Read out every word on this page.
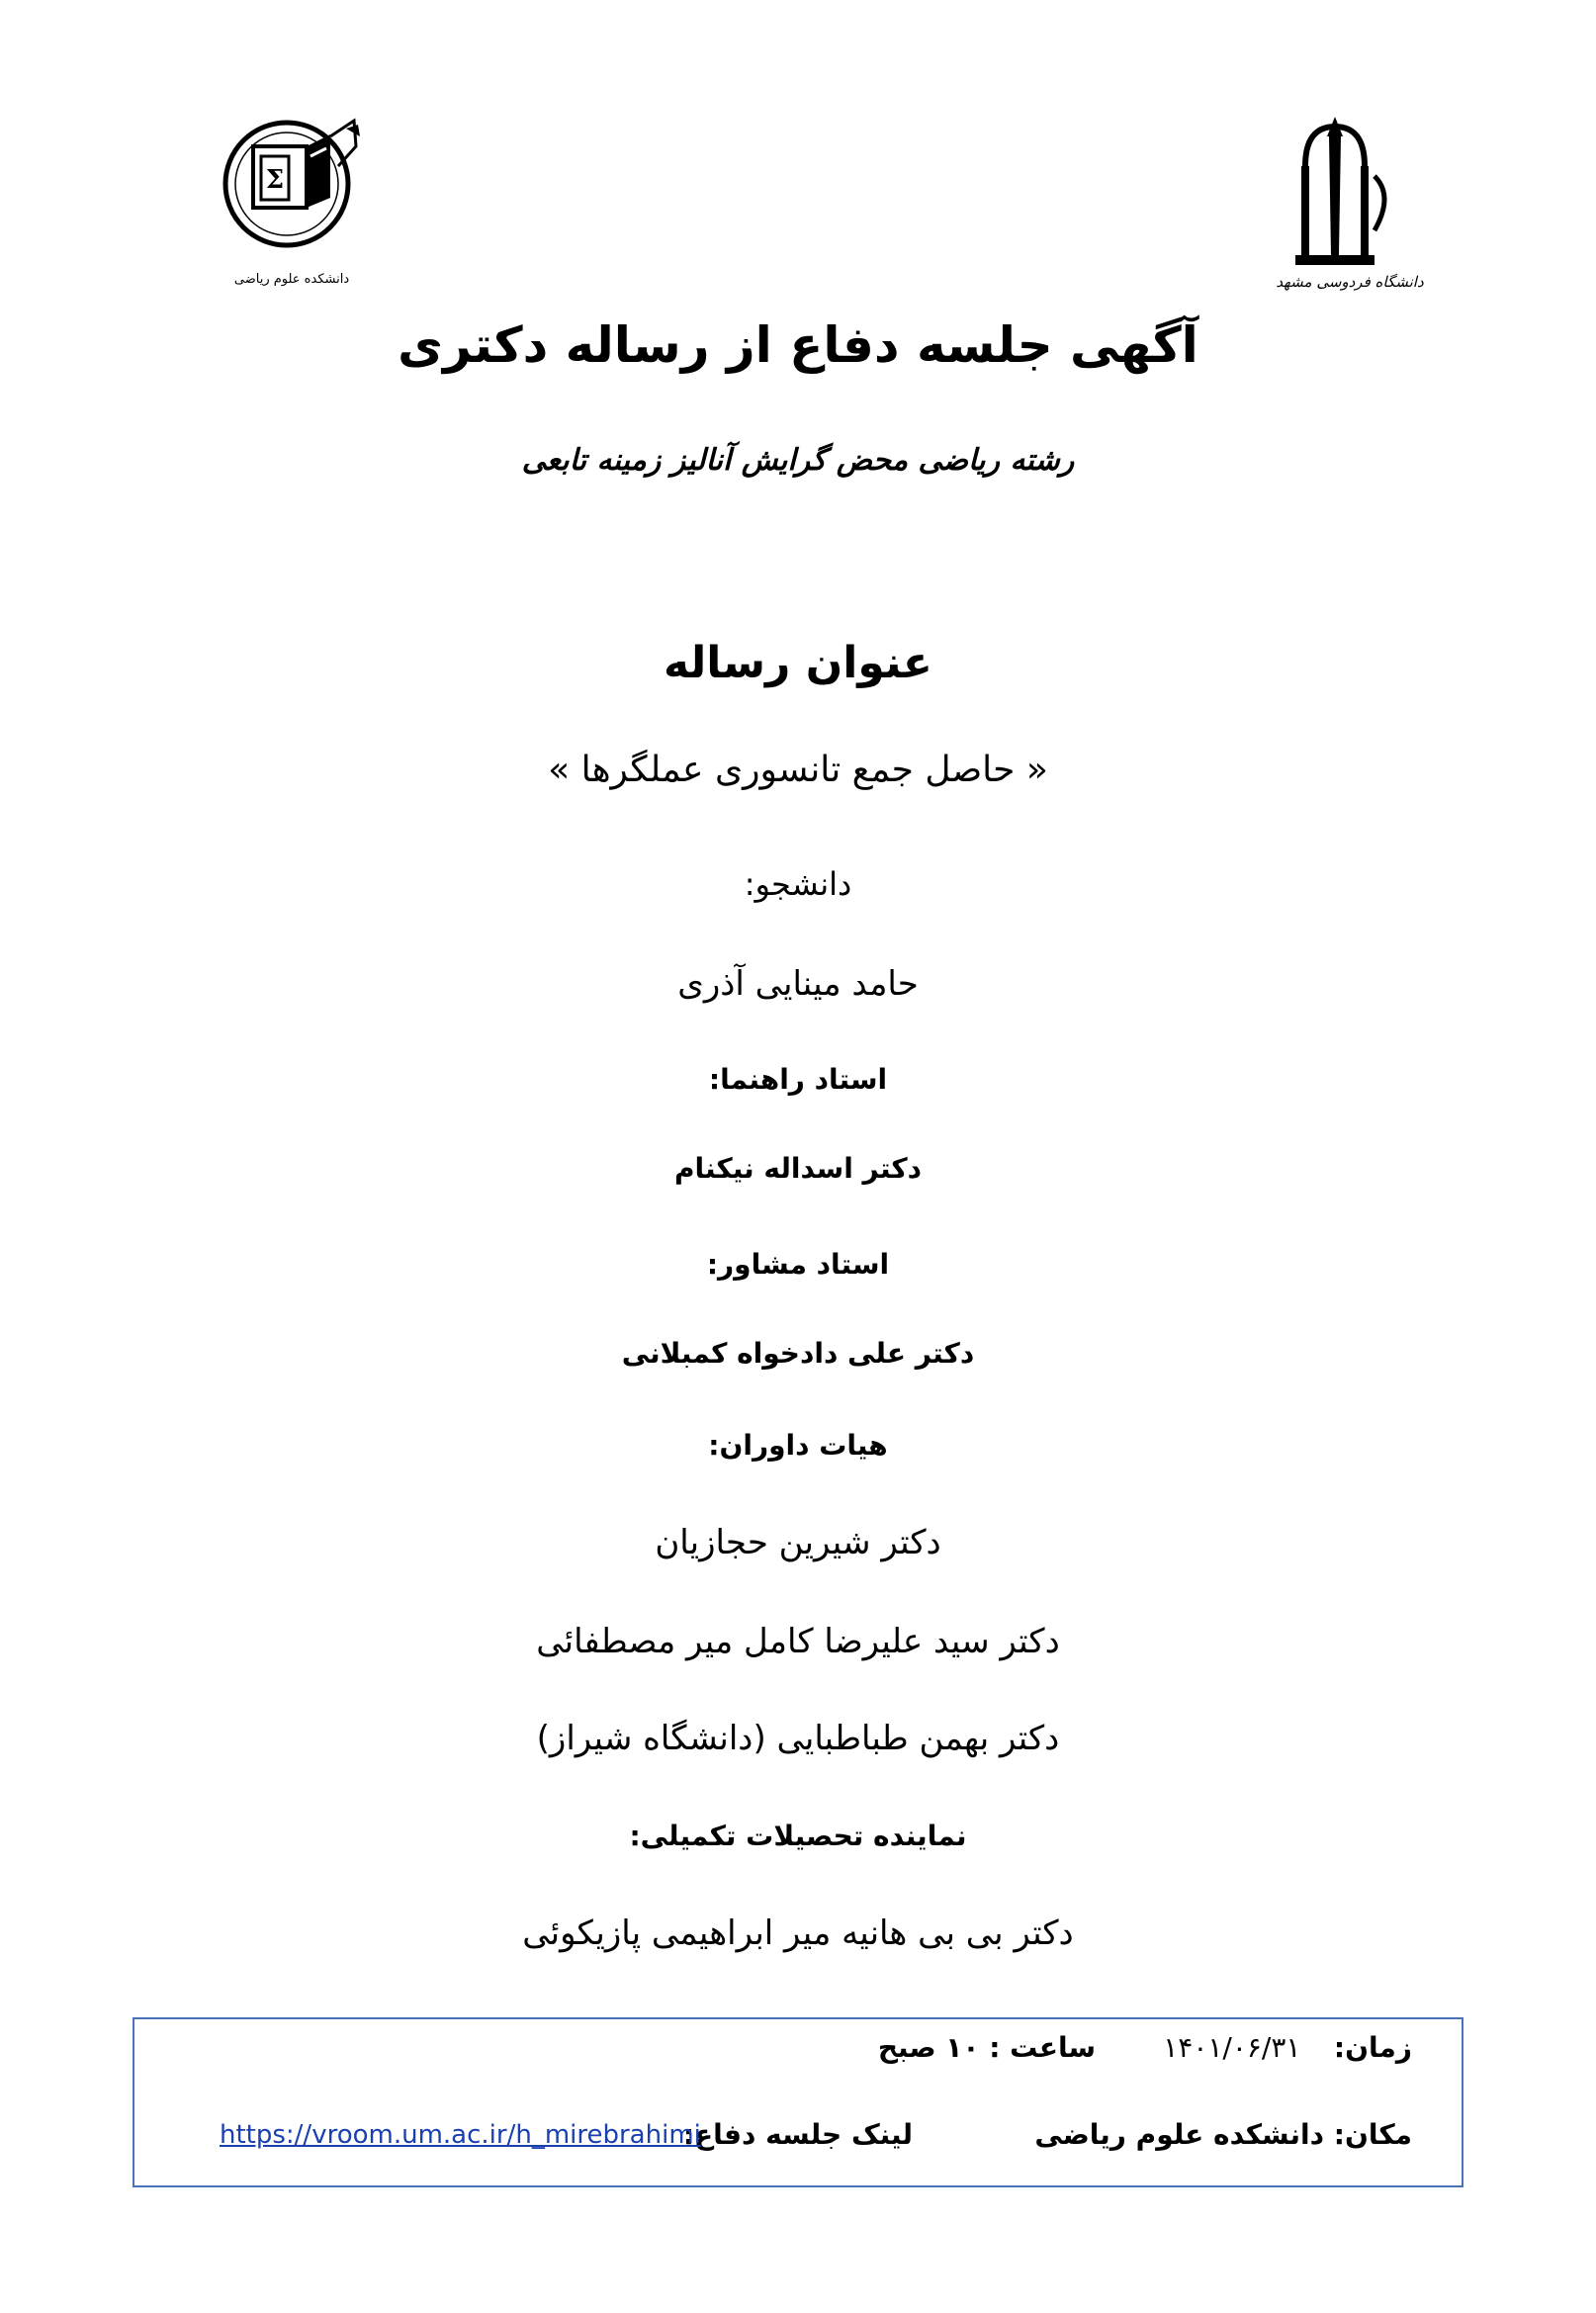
Σ
دانشکده علوم ریاضی	دانشگاه فردوسی مشهد
آگهی جلسه دفاع از رساله دکتری
رشته ریاضی محض گرایش آنالیز زمینه تابعی
عنوان رساله
« حاصل جمع تانسوری عملگرها »
دانشجو:
حامد مینایی آذری
استاد راهنما:
دکتر اسداله نیکنام
استاد مشاور:
دکتر علی دادخواه کمبلانی
هیات داوران:
دکتر شیرین حجازیان
دکتر سید علیرضا کامل میر مصطفائی
دکتر بهمن طباطبایی (دانشگاه شیراز)
نماینده تحصیلات تکمیلی:
دکتر بی بی هانیه میر ابراهیمی پازیکوئی
زمان:  ۱۴۰۱/۰۶/۳۱
ساعت : ۱۰ صبح
مکان: دانشکده علوم ریاضی
لینک جلسه دفاع:
https://vroom.um.ac.ir/h_mirebrahimi
